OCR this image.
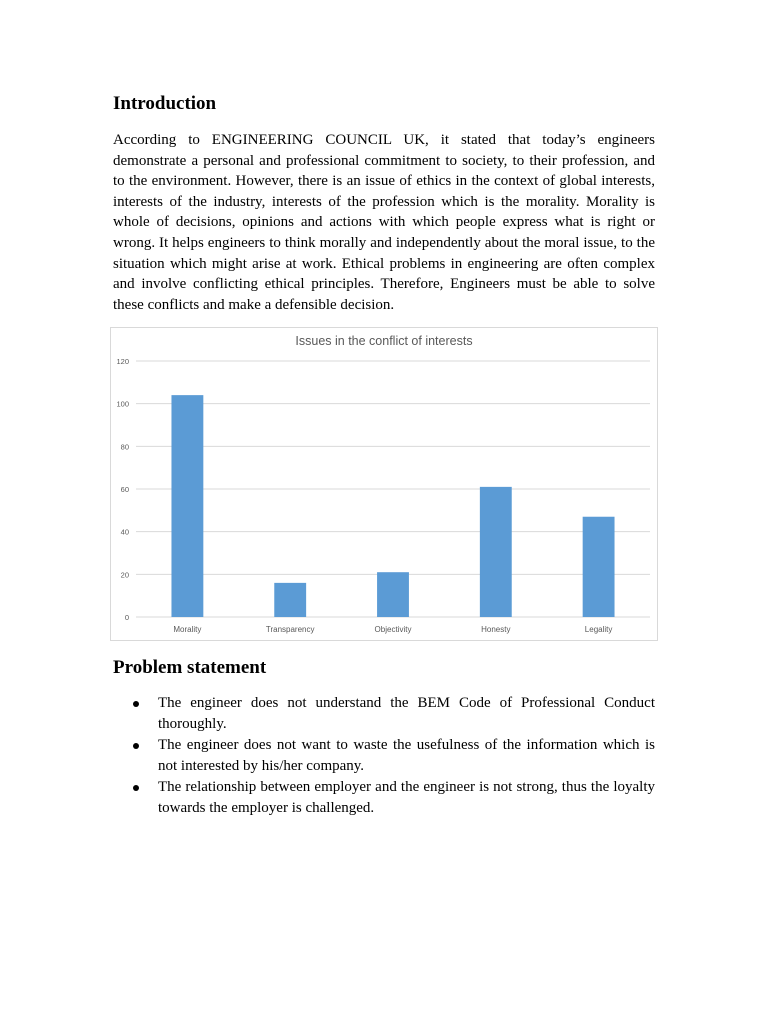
Introduction

According to ENGINEERING COUNCIL UK, it stated that today’s engineers demonstrate a personal and professional commitment to society, to their profession, and to the environment. However, there is an issue of ethics in the context of global interests, interests of the industry, interests of the profession which is the morality. Morality is whole of decisions, opinions and actions with which people express what is right or wrong. It helps engineers to think morally and independently about the moral issue, to the situation which might arise at work. Ethical problems in engineering are often complex and involve conflicting ethical principles. Therefore, Engineers must be able to solve these conflicts and make a defensible decision.

Issues in the conflict of interests
0
20
40
60
80
100
120
Morality	Transparency	Objectivity	Honesty	Legality
Problem statement
The engineer does not understand the BEM Code of Professional Conduct thoroughly.
The engineer does not want to waste the usefulness of the information which is not interested by his/her company.
The relationship between employer and the engineer is not strong, thus the loyalty towards the employer is challenged.
